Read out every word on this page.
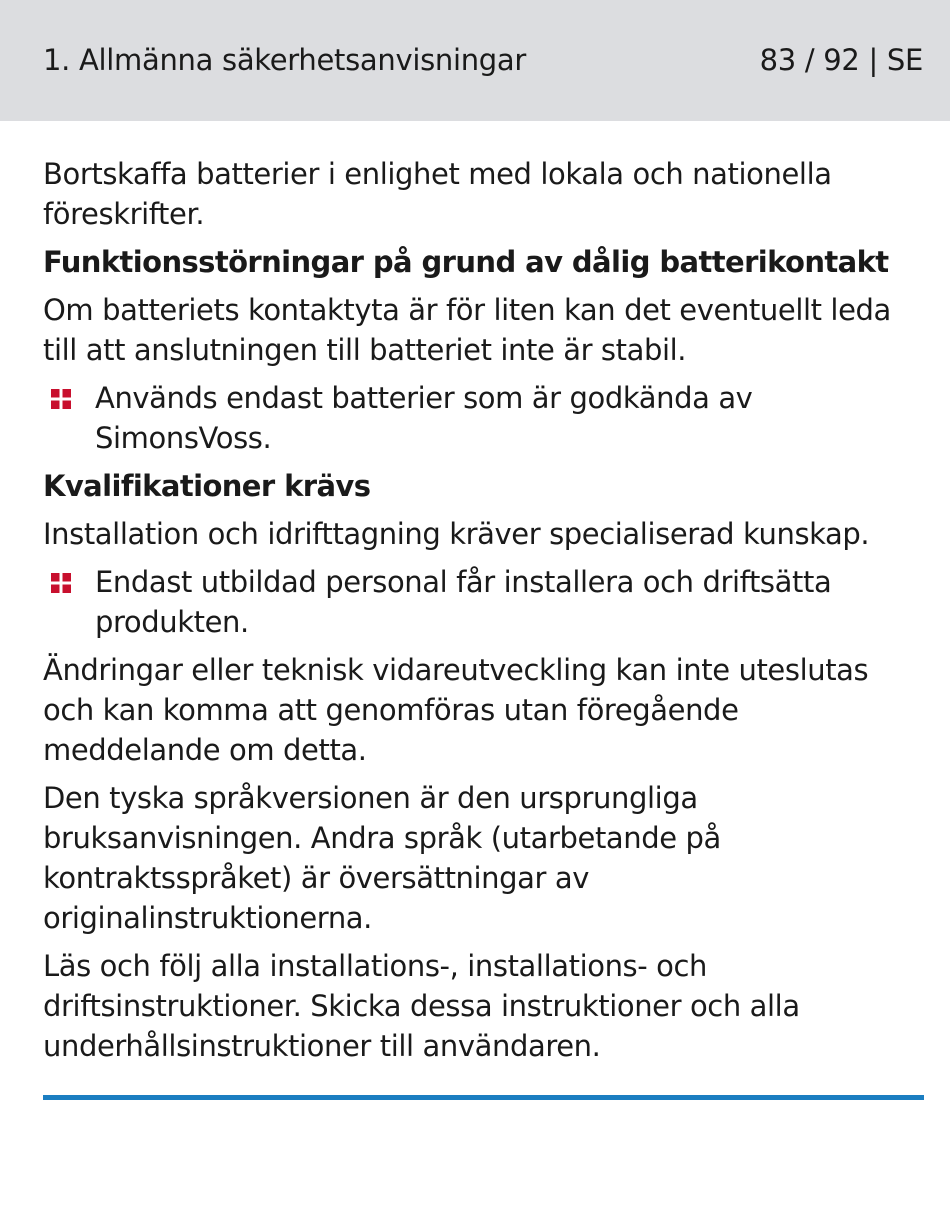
1. Allmänna säkerhetsanvisningar	83 / 92 | SE

Bortskaffa batterier i enlighet med lokala och nationella föreskrifter.

Funktionsstörningar på grund av dålig batterikontakt

Om batteriets kontaktyta är för liten kan det eventuellt leda till att anslutningen till batteriet inte är stabil.

Används endast batterier som är godkända av SimonsVoss.

Kvalifikationer krävs

Installation och idrifttagning kräver specialiserad kunskap.

Endast utbildad personal får installera och driftsätta produkten.

Ändringar eller teknisk vidareutveckling kan inte uteslutas och kan komma att genomföras utan föregående meddelande om detta.

Den tyska språkversionen är den ursprungliga bruksanvisningen. Andra språk (utarbetande på kontraktsspråket) är översättningar av originalinstruktionerna.

Läs och följ alla installations-, installations- och driftsinstruktioner. Skicka dessa instruktioner och alla underhållsinstruktioner till användaren.
